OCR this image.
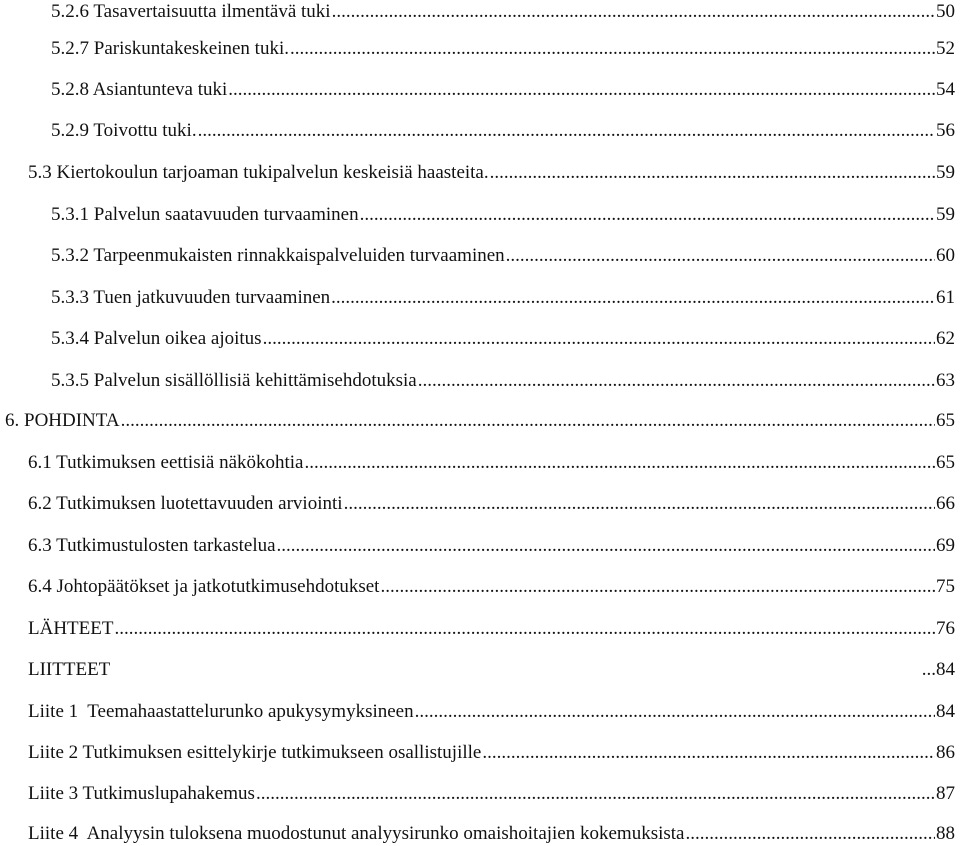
5.2.6 Tasavertaisuutta ilmentävä tuki .....	50
5.2.7 Pariskuntakeskeinen tuki. .....	52
5.2.8 Asiantunteva tuki .....	54
5.2.9 Toivottu tuki. .....	56
5.3 Kiertokoulun tarjoaman tukipalvelun keskeisiä haasteita. .....	59
5.3.1 Palvelun saatavuuden turvaaminen .....	59
5.3.2 Tarpeenmukaisten rinnakkaispalveluiden turvaaminen .....	60
5.3.3 Tuen jatkuvuuden turvaaminen .....	61
5.3.4 Palvelun oikea ajoitus .....	62
5.3.5 Palvelun sisällöllisiä kehittämisehdotuksia .....	63
6. POHDINTA .....	65
6.1 Tutkimuksen eettisiä näkökohtia .....	65
6.2 Tutkimuksen luotettavuuden arviointi .....	66
6.3 Tutkimustulosten tarkastelua .....	69
6.4 Johtopäätökset ja jatkotutkimusehdotukset .....	75
LÄHTEET .....	76
LIITTEET	...84
Liite 1  Teemahaastattelurunko apukysymyksineen .....	84
Liite 2 Tutkimuksen esittelykirje tutkimukseen osallistujille .....	86
Liite 3 Tutkimuslupahakemus .....	87
Liite 4  Analyysin tuloksena muodostunut analyysirunko omaishoitajien kokemuksista .....	88
